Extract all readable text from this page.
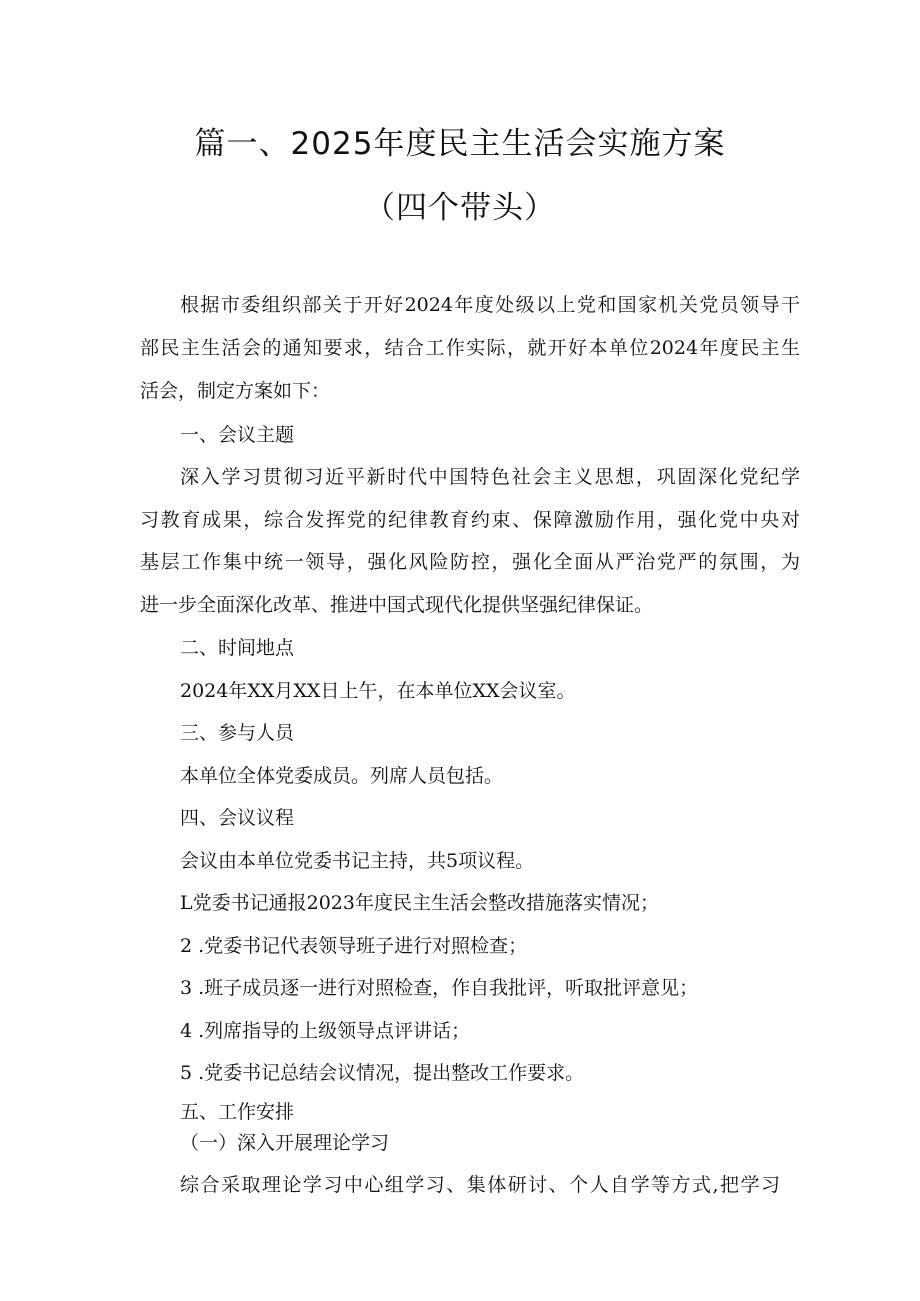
篇一、2025年度民主生活会实施方案
（四个带头）
根据市委组织部关于开好2024年度处级以上党和国家机关党员领导干
部民主生活会的通知要求，结合工作实际，就开好本单位2024年度民主生
活会，制定方案如下：
一、会议主题
深入学习贯彻习近平新时代中国特色社会主义思想，巩固深化党纪学
习教育成果，综合发挥党的纪律教育约束、保障激励作用，强化党中央对
基层工作集中统一领导，强化风险防控，强化全面从严治党严的氛围，为
进一步全面深化改革、推进中国式现代化提供坚强纪律保证。
二、时间地点
2024年XX月XX日上午，在本单位XX会议室。
三、参与人员
本单位全体党委成员。列席人员包括。
四、会议议程
会议由本单位党委书记主持，共5项议程。
L党委书记通报2023年度民主生活会整改措施落实情况；
2 .党委书记代表领导班子进行对照检查；
3 .班子成员逐一进行对照检查，作自我批评，听取批评意见；
4 .列席指导的上级领导点评讲话；
5 .党委书记总结会议情况，提出整改工作要求。
五、工作安排
（一）深入开展理论学习
综合采取理论学习中心组学习、集体研讨、个人自学等方式,把学习
